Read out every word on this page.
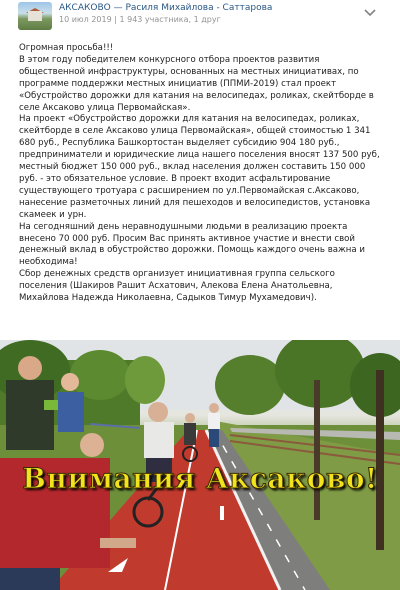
АКСАКОВО — Расиля Михайлова - Саттарова
10 июл 2019 | 1 943 участника, 1 друг
Огромная просьба!!!
В этом году победителем конкурсного отбора проектов развития общественной инфраструктуры, основанных на местных инициативах, по программе поддержки местных инициатив (ППМИ-2019) стал проект «Обустройство дорожки для катания на велосипедах, роликах, скейтборде в селе Аксаково улица Первомайская».
На проект «Обустройство дорожки для катания на велосипедах, роликах, скейтборде в селе Аксаково улица Первомайская», общей стоимостью 1 341 680 руб., Республика Башкортостан выделяет субсидию 904 180 руб., предприниматели и юридические лица нашего поселения вносят 137 500 руб, местный бюджет 150 000 руб., вклад населения должен составить 150 000 руб. - это обязательное условие. В проект входит асфальтирование существующего тротуара с расширением по ул.Первомайская с.Аксаково, нанесение разметочных линий для пешеходов и велосипедистов, установка скамеек и урн.
На сегодняшний день неравнодушными людьми в реализацию проекта внесено 70 000 руб. Просим Вас принять активное участие и внести свой денежный вклад в обустройство дорожки. Помощь каждого очень важна и необходима!
Сбор денежных средств организует инициативная группа сельского поселения (Шакиров Рашит Асхатович, Алекова Елена Анатольевна, Михайлова Надежда Николаевна, Садыков Тимур Мухамедович).
Внимания Аксаково!
